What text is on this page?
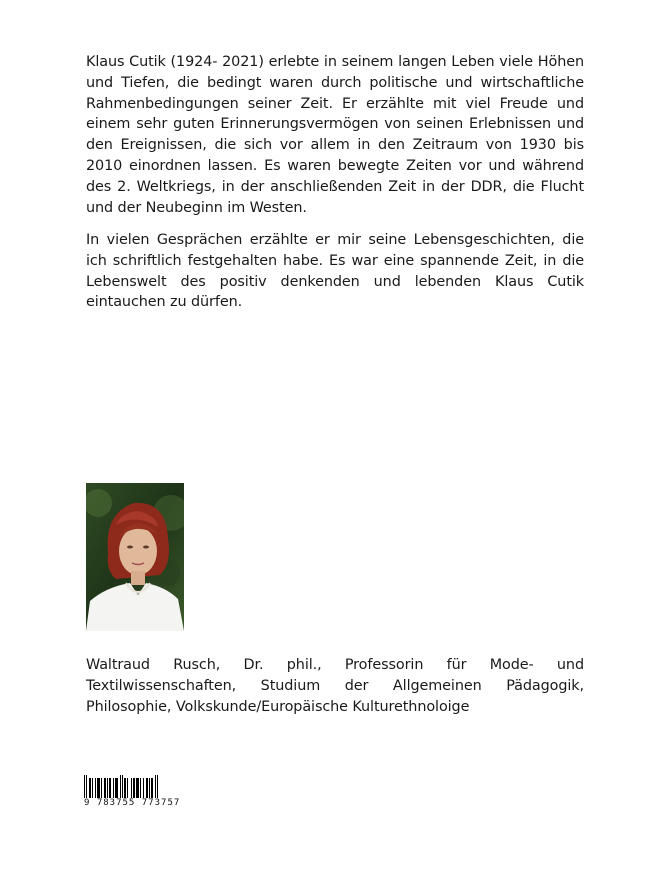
Klaus Cutik (1924- 2021) erlebte in seinem langen Leben viele Höhen und Tiefen, die bedingt waren durch politische und wirtschaftliche Rahmenbedingungen seiner Zeit. Er erzählte mit viel Freude und einem sehr guten Erinnerungsvermögen von seinen Erlebnissen und den Ereignissen, die sich vor allem in den Zeitraum von 1930 bis 2010 einordnen lassen. Es waren bewegte Zeiten vor und während des 2. Weltkriegs, in der anschließenden Zeit in der DDR, die Flucht und der Neubeginn im Westen.

In vielen Gesprächen erzählte er mir seine Lebensgeschichten, die ich schriftlich festgehalten habe. Es war eine spannende Zeit, in die Lebenswelt des positiv denkenden und lebenden Klaus Cutik eintauchen zu dürfen.

Waltraud Rusch, Dr. phil., Professorin für Mode- und Textilwissenschaften, Studium der Allgemeinen Pädagogik, Philosophie, Volkskunde/Europäische Kulturethnoloige

9 783755 773757
